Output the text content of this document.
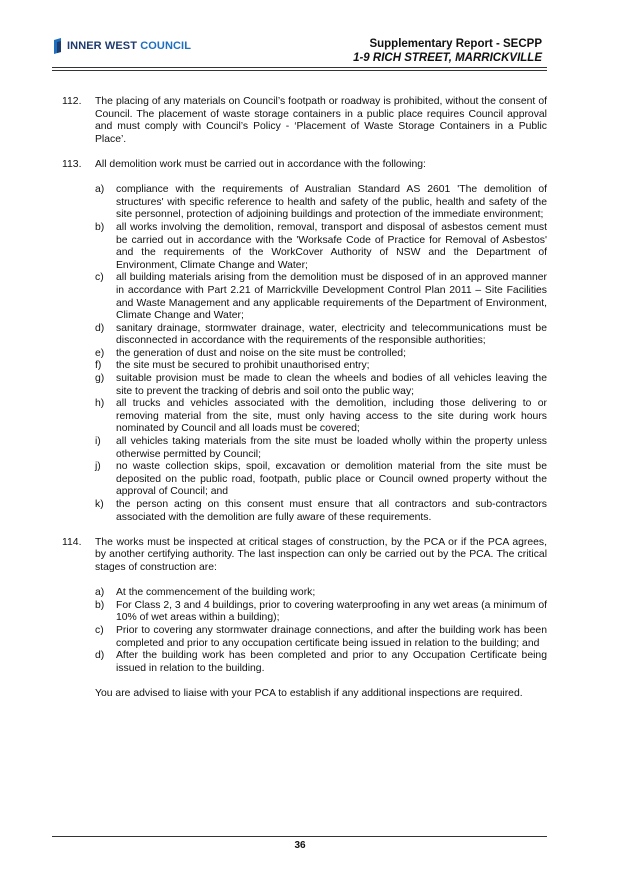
INNER WEST COUNCIL	Supplementary Report - SECPP
1-9 RICH STREET, MARRICKVILLE
112. The placing of any materials on Council’s footpath or roadway is prohibited, without the consent of Council. The placement of waste storage containers in a public place requires Council approval and must comply with Council’s Policy - ‘Placement of Waste Storage Containers in a Public Place’.
113. All demolition work must be carried out in accordance with the following:
a) compliance with the requirements of Australian Standard AS 2601 'The demolition of structures' with specific reference to health and safety of the public, health and safety of the site personnel, protection of adjoining buildings and protection of the immediate environment;
b) all works involving the demolition, removal, transport and disposal of asbestos cement must be carried out in accordance with the 'Worksafe Code of Practice for Removal of Asbestos' and the requirements of the WorkCover Authority of NSW and the Department of Environment, Climate Change and Water;
c) all building materials arising from the demolition must be disposed of in an approved manner in accordance with Part 2.21 of Marrickville Development Control Plan 2011 – Site Facilities and Waste Management and any applicable requirements of the Department of Environment, Climate Change and Water;
d) sanitary drainage, stormwater drainage, water, electricity and telecommunications must be disconnected in accordance with the requirements of the responsible authorities;
e) the generation of dust and noise on the site must be controlled;
f) the site must be secured to prohibit unauthorised entry;
g) suitable provision must be made to clean the wheels and bodies of all vehicles leaving the site to prevent the tracking of debris and soil onto the public way;
h) all trucks and vehicles associated with the demolition, including those delivering to or removing material from the site, must only having access to the site during work hours nominated by Council and all loads must be covered;
i) all vehicles taking materials from the site must be loaded wholly within the property unless otherwise permitted by Council;
j) no waste collection skips, spoil, excavation or demolition material from the site must be deposited on the public road, footpath, public place or Council owned property without the approval of Council; and
k) the person acting on this consent must ensure that all contractors and sub-contractors associated with the demolition are fully aware of these requirements.
114. The works must be inspected at critical stages of construction, by the PCA or if the PCA agrees, by another certifying authority. The last inspection can only be carried out by the PCA. The critical stages of construction are:
a) At the commencement of the building work;
b) For Class 2, 3 and 4 buildings, prior to covering waterproofing in any wet areas (a minimum of 10% of wet areas within a building);
c) Prior to covering any stormwater drainage connections, and after the building work has been completed and prior to any occupation certificate being issued in relation to the building; and
d) After the building work has been completed and prior to any Occupation Certificate being issued in relation to the building.
You are advised to liaise with your PCA to establish if any additional inspections are required.
36
